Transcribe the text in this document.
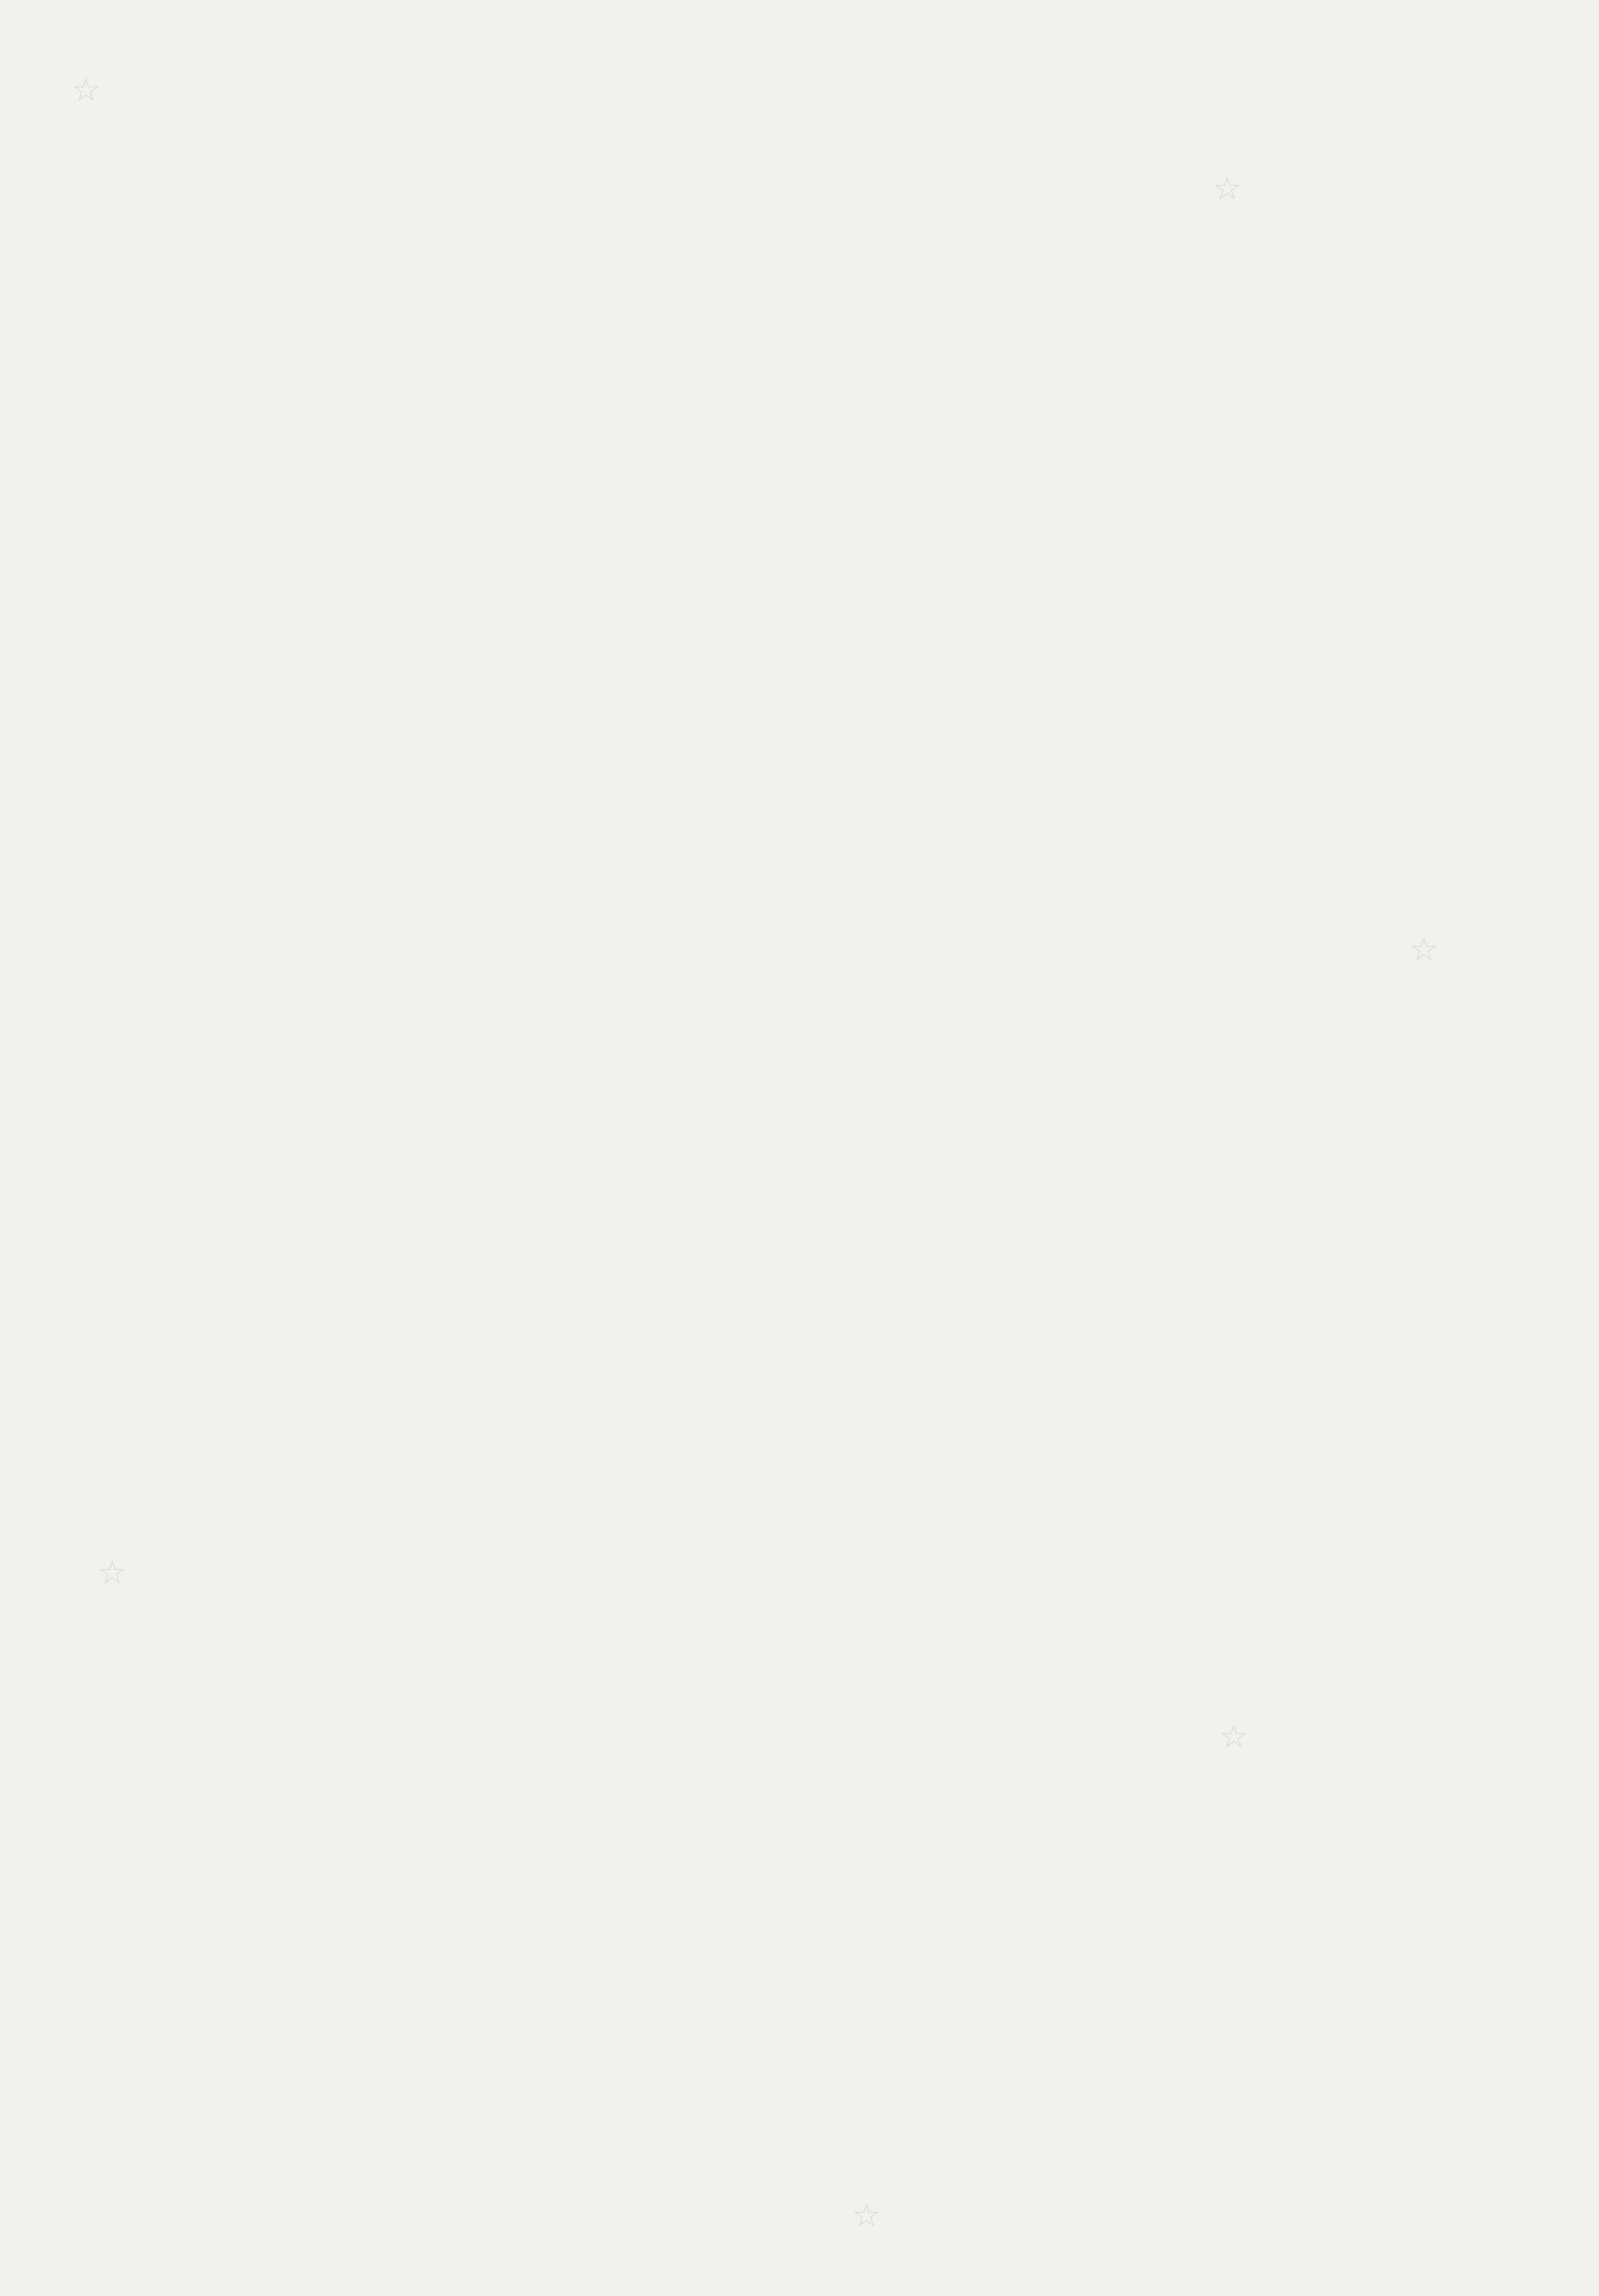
☆
☆
☆
☆
☆
☆
